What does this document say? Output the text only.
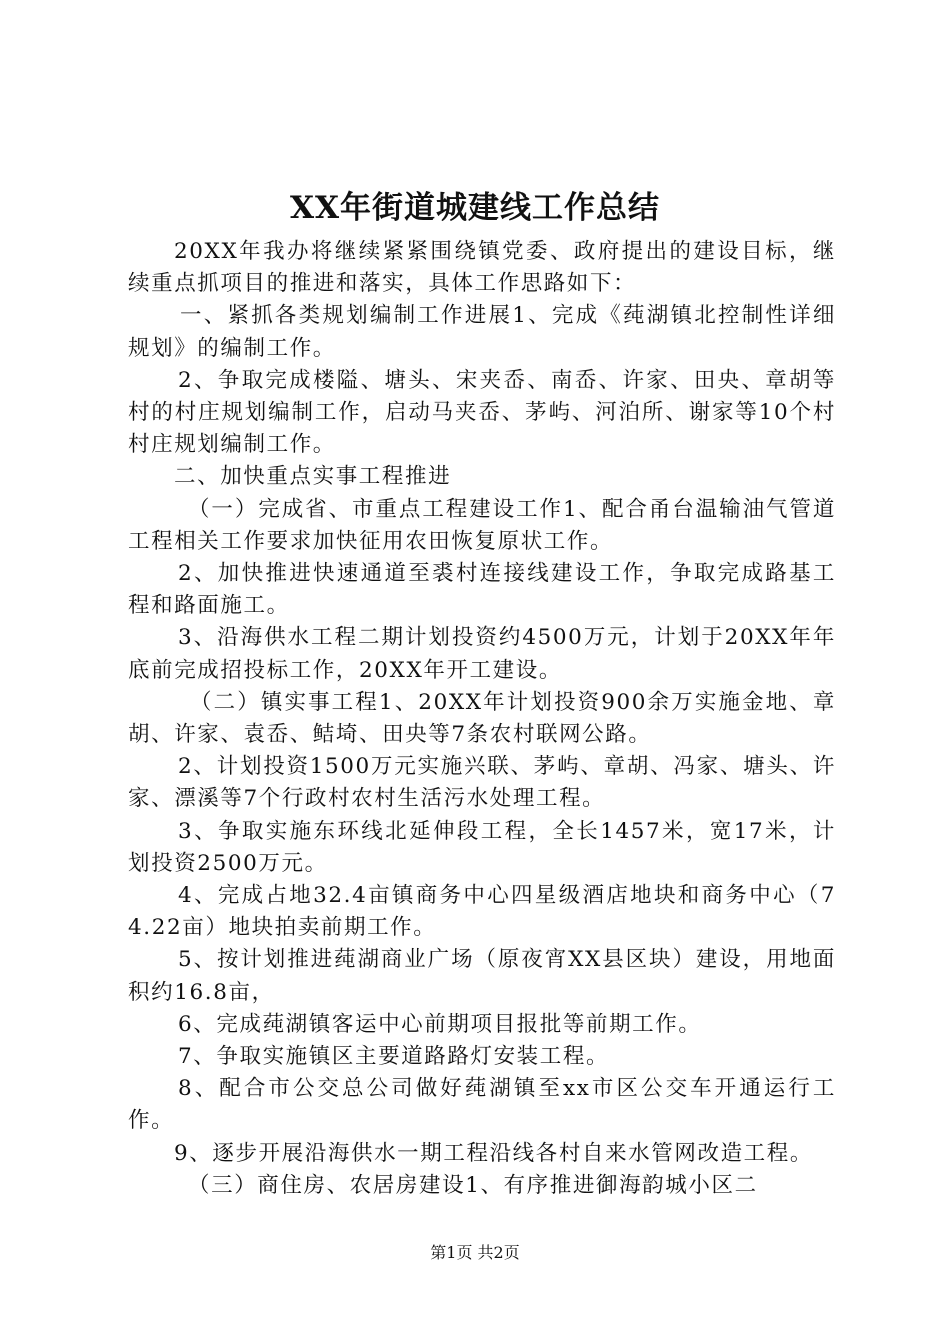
XX年街道城建线工作总结

20XX年我办将继续紧紧围绕镇党委、政府提出的建设目标，继续重点抓项目的推进和落实，具体工作思路如下：

一、紧抓各类规划编制工作进展1、完成《莼湖镇北控制性详细规划》的编制工作。

2、争取完成楼隘、塘头、宋夹岙、南岙、许家、田央、章胡等村的村庄规划编制工作，启动马夹岙、茅屿、河泊所、谢家等10个村村庄规划编制工作。

二、加快重点实事工程推进

（一）完成省、市重点工程建设工作1、配合甬台温输油气管道工程相关工作要求加快征用农田恢复原状工作。

2、加快推进快速通道至裘村连接线建设工作，争取完成路基工程和路面施工。

3、沿海供水工程二期计划投资约4500万元，计划于20XX年年底前完成招投标工作，20XX年开工建设。

（二）镇实事工程1、20XX年计划投资900余万实施金地、章胡、许家、袁岙、鲒埼、田央等7条农村联网公路。

2、计划投资1500万元实施兴联、茅屿、章胡、冯家、塘头、许家、漂溪等7个行政村农村生活污水处理工程。

3、争取实施东环线北延伸段工程，全长1457米，宽17米，计划投资2500万元。

4、完成占地32.4亩镇商务中心四星级酒店地块和商务中心（74.22亩）地块拍卖前期工作。

5、按计划推进莼湖商业广场（原夜宵XX县区块）建设，用地面积约16.8亩，

6、完成莼湖镇客运中心前期项目报批等前期工作。

7、争取实施镇区主要道路路灯安装工程。

8、配合市公交总公司做好莼湖镇至xx市区公交车开通运行工作。

9、逐步开展沿海供水一期工程沿线各村自来水管网改造工程。

（三）商住房、农居房建设1、有序推进御海韵城小区二

第1页 共2页
